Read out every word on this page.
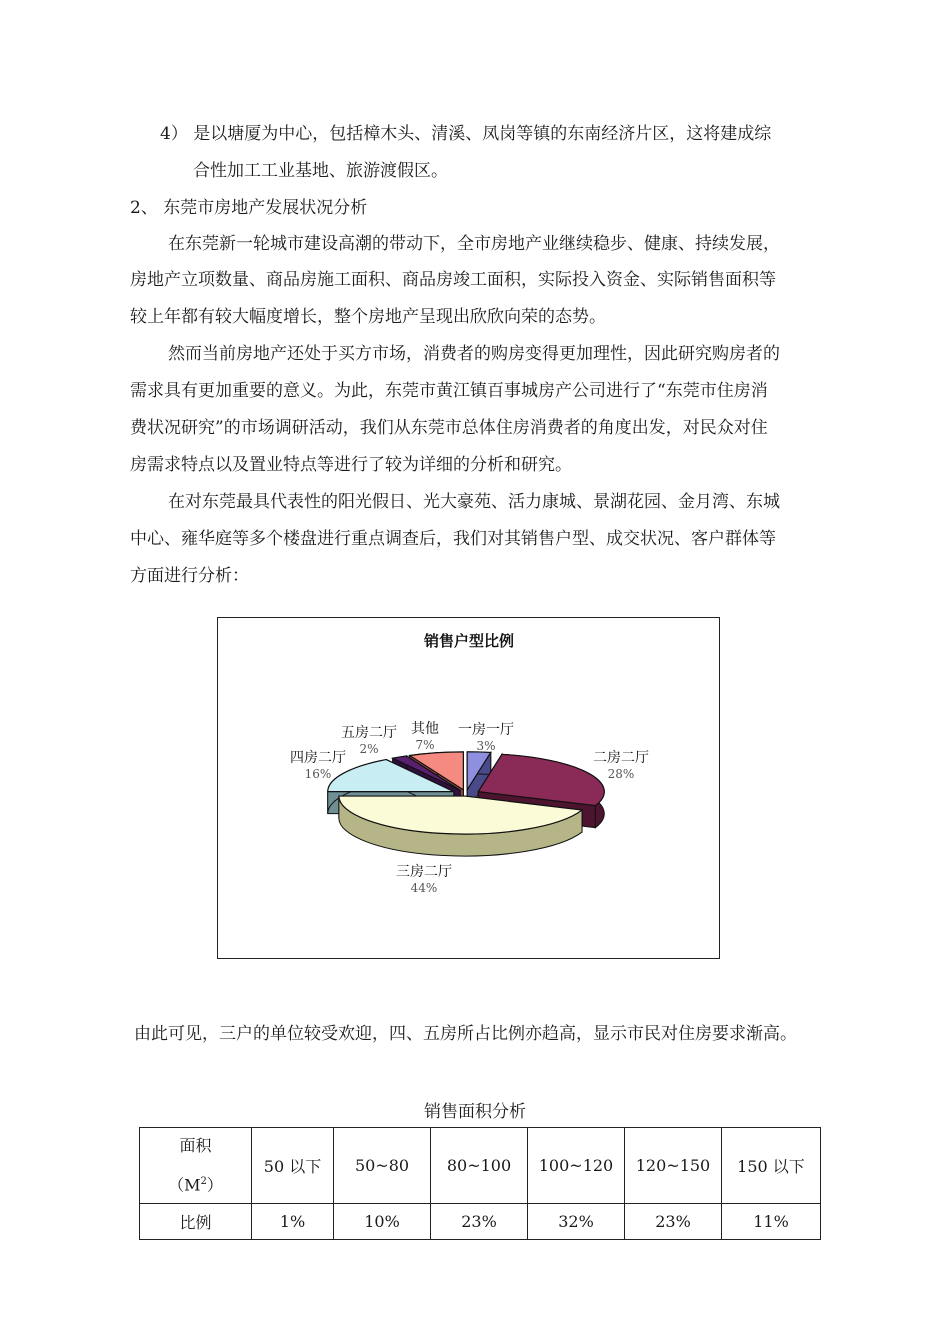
4） 是以塘厦为中心，包括樟木头、清溪、凤岗等镇的东南经济片区，这将建成综
合性加工工业基地、旅游渡假区。
2、 东莞市房地产发展状况分析
在东莞新一轮城市建设高潮的带动下，全市房地产业继续稳步、健康、持续发展，
房地产立项数量、商品房施工面积、商品房竣工面积，实际投入资金、实际销售面积等
较上年都有较大幅度增长，整个房地产呈现出欣欣向荣的态势。
然而当前房地产还处于买方市场，消费者的购房变得更加理性，因此研究购房者的
需求具有更加重要的意义。为此，东莞市黄江镇百事城房产公司进行了“东莞市住房消
费状况研究”的市场调研活动，我们从东莞市总体住房消费者的角度出发，对民众对住
房需求特点以及置业特点等进行了较为详细的分析和研究。
在对东莞最具代表性的阳光假日、光大豪苑、活力康城、景湖花园、金月湾、东城
中心、雍华庭等多个楼盘进行重点调查后，我们对其销售户型、成交状况、客户群体等
方面进行分析：
销售户型比例
一房一厅
3%
二房二厅
28%
三房二厅
44%
四房二厅
16%
五房二厅
2%
其他
7%
由此可见，三户的单位较受欢迎，四、五房所占比例亦趋高，显示市民对住房要求渐高。
销售面积分析
面积
$(M^2)$	50 以下	50~80	80~100	100~120	120~150	150 以下
比例	1%	10%	23%	32%	23%	11%
